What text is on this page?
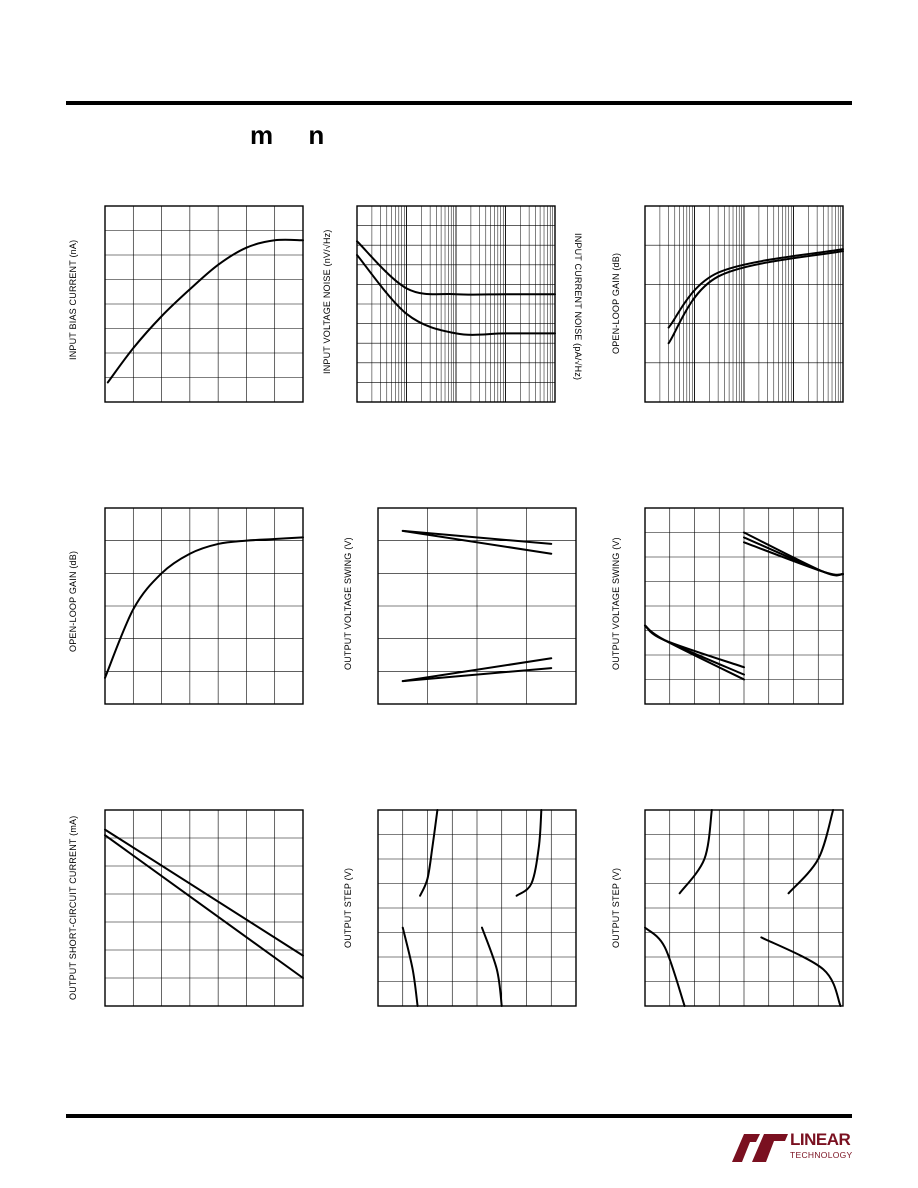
m n
INPUT BIAS CURRENT (nA)	INPUT VOLTAGE NOISE (nV/√Hz)	INPUT CURRENT NOISE (pA/√Hz)	OPEN-LOOP GAIN (dB)
OPEN-LOOP GAIN (dB)	OUTPUT VOLTAGE SWING (V)	OUTPUT VOLTAGE SWING (V)
OUTPUT SHORT-CIRCUIT CURRENT (mA)	OUTPUT STEP (V)	OUTPUT STEP (V)
LINEAR
TECHNOLOGY
